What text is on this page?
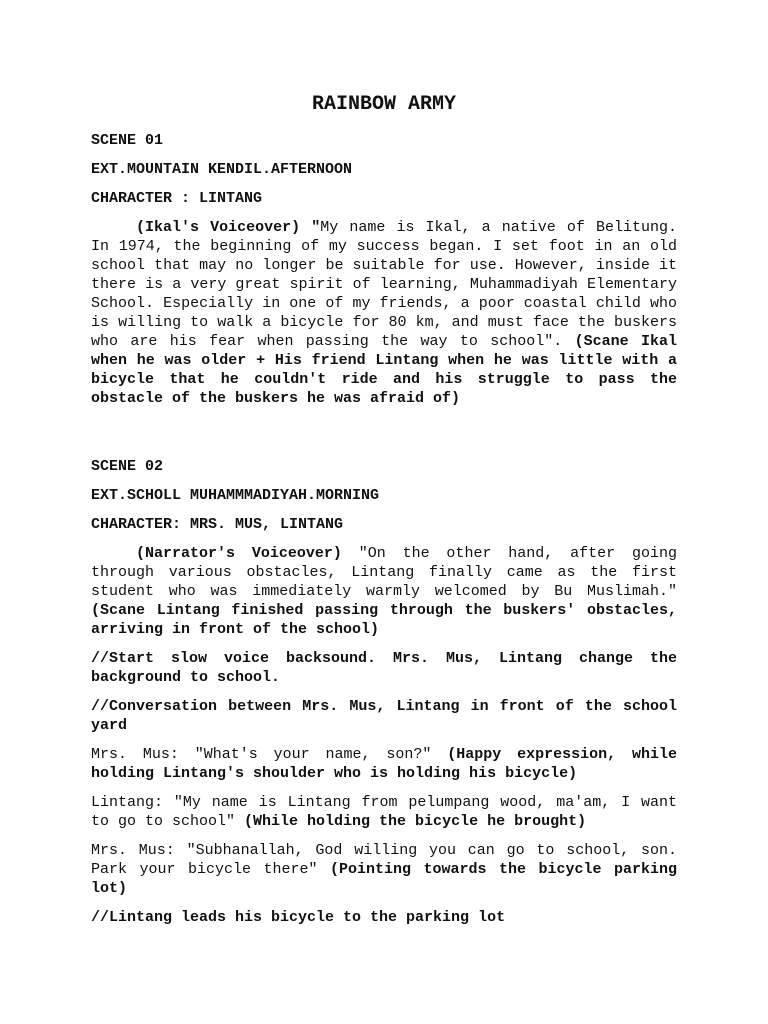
RAINBOW ARMY
SCENE 01
EXT.MOUNTAIN KENDIL.AFTERNOON
CHARACTER : LINTANG
(Ikal's Voiceover) "My name is Ikal, a native of Belitung. In 1974, the beginning of my success began. I set foot in an old school that may no longer be suitable for use. However, inside it there is a very great spirit of learning, Muhammadiyah Elementary School. Especially in one of my friends, a poor coastal child who is willing to walk a bicycle for 80 km, and must face the buskers who are his fear when passing the way to school". (Scane Ikal when he was older + His friend Lintang when he was little with a bicycle that he couldn't ride and his struggle to pass the obstacle of the buskers he was afraid of)
SCENE 02
EXT.SCHOLL MUHAMMMADIYAH.MORNING
CHARACTER: MRS. MUS, LINTANG
(Narrator's Voiceover) "On the other hand, after going through various obstacles, Lintang finally came as the first student who was immediately warmly welcomed by Bu Muslimah." (Scane Lintang finished passing through the buskers' obstacles, arriving in front of the school)
//Start slow voice backsound. Mrs. Mus, Lintang change the background to school.
//Conversation between Mrs. Mus, Lintang in front of the school yard
Mrs. Mus: "What's your name, son?" (Happy expression, while holding Lintang's shoulder who is holding his bicycle)
Lintang: "My name is Lintang from pelumpang wood, ma'am, I want to go to school" (While holding the bicycle he brought)
Mrs. Mus: "Subhanallah, God willing you can go to school, son. Park your bicycle there" (Pointing towards the bicycle parking lot)
//Lintang leads his bicycle to the parking lot
